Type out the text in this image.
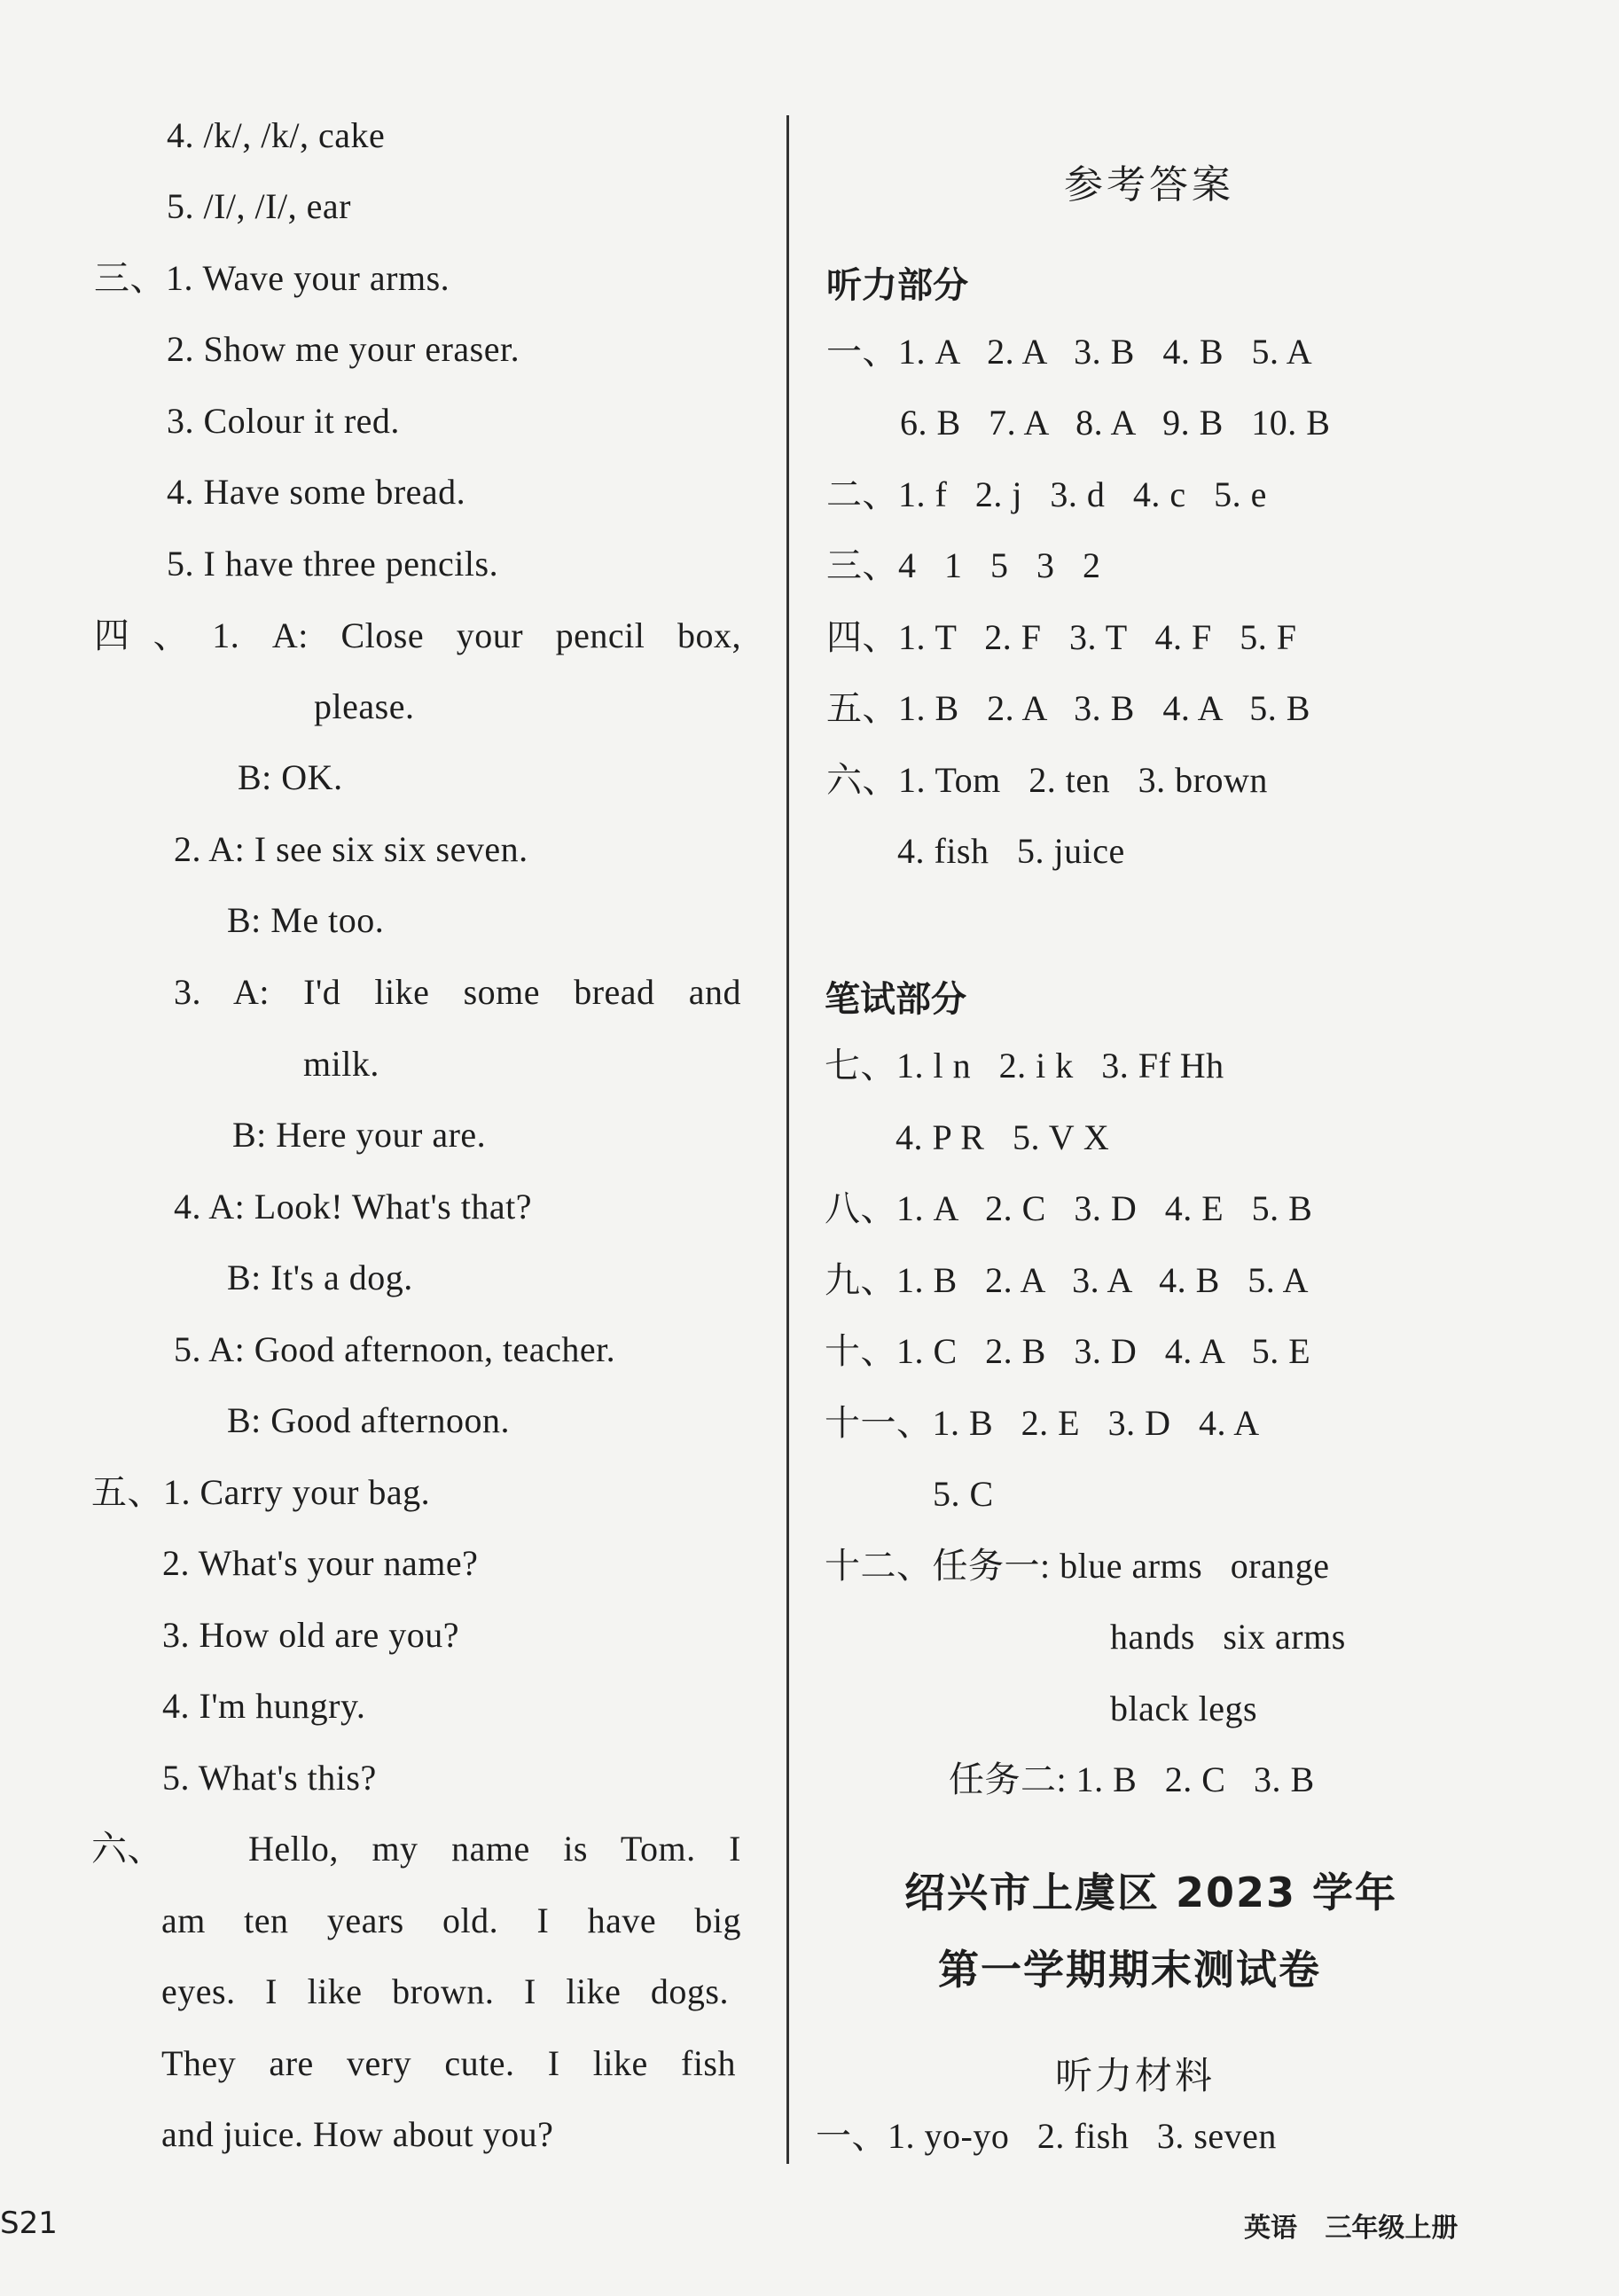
4. /k/, /k/, cake
5. /I/, /I/, ear
三、1. Wave your arms.
2. Show me your eraser.
3. Colour it red.
4. Have some bread.
5. I have three pencils.
四、1. A: Close your pencil box,
please.
B: OK.
2. A: I see six six seven.
B: Me too.
3. A: I'd like some bread and
milk.
B: Here your are.
4. A: Look! What's that?
B: It's a dog.
5. A: Good afternoon, teacher.
B: Good afternoon.
五、1. Carry your bag.
2. What's your name?
3. How old are you?
4. I'm hungry.
5. What's this?
六、 Hello, my name is Tom. I
am ten years old. I have big
eyes. I like brown. I like dogs.
They are very cute. I like fish
and juice. How about you?
参考答案
听力部分
一、1. A   2. A   3. B   4. B   5. A
6. B   7. A   8. A   9. B   10. B
二、1. f   2. j   3. d   4. c   5. e
三、4   1   5   3   2
四、1. T   2. F   3. T   4. F   5. F
五、1. B   2. A   3. B   4. A   5. B
六、1. Tom   2. ten   3. brown
4. fish   5. juice
笔试部分
七、1. l n   2. i k   3. Ff Hh
4. P R   5. V X
八、1. A   2. C   3. D   4. E   5. B
九、1. B   2. A   3. A   4. B   5. A
十、1. C   2. B   3. D   4. A   5. E
十一、1. B   2. E   3. D   4. A
5. C
十二、任务一: blue arms   orange
hands   six arms
black legs
任务二: 1. B   2. C   3. B
绍兴市上虞区 2023 学年
第一学期期末测试卷
听力材料
一、1. yo-yo   2. fish   3. seven
S21	英语   三年级上册
